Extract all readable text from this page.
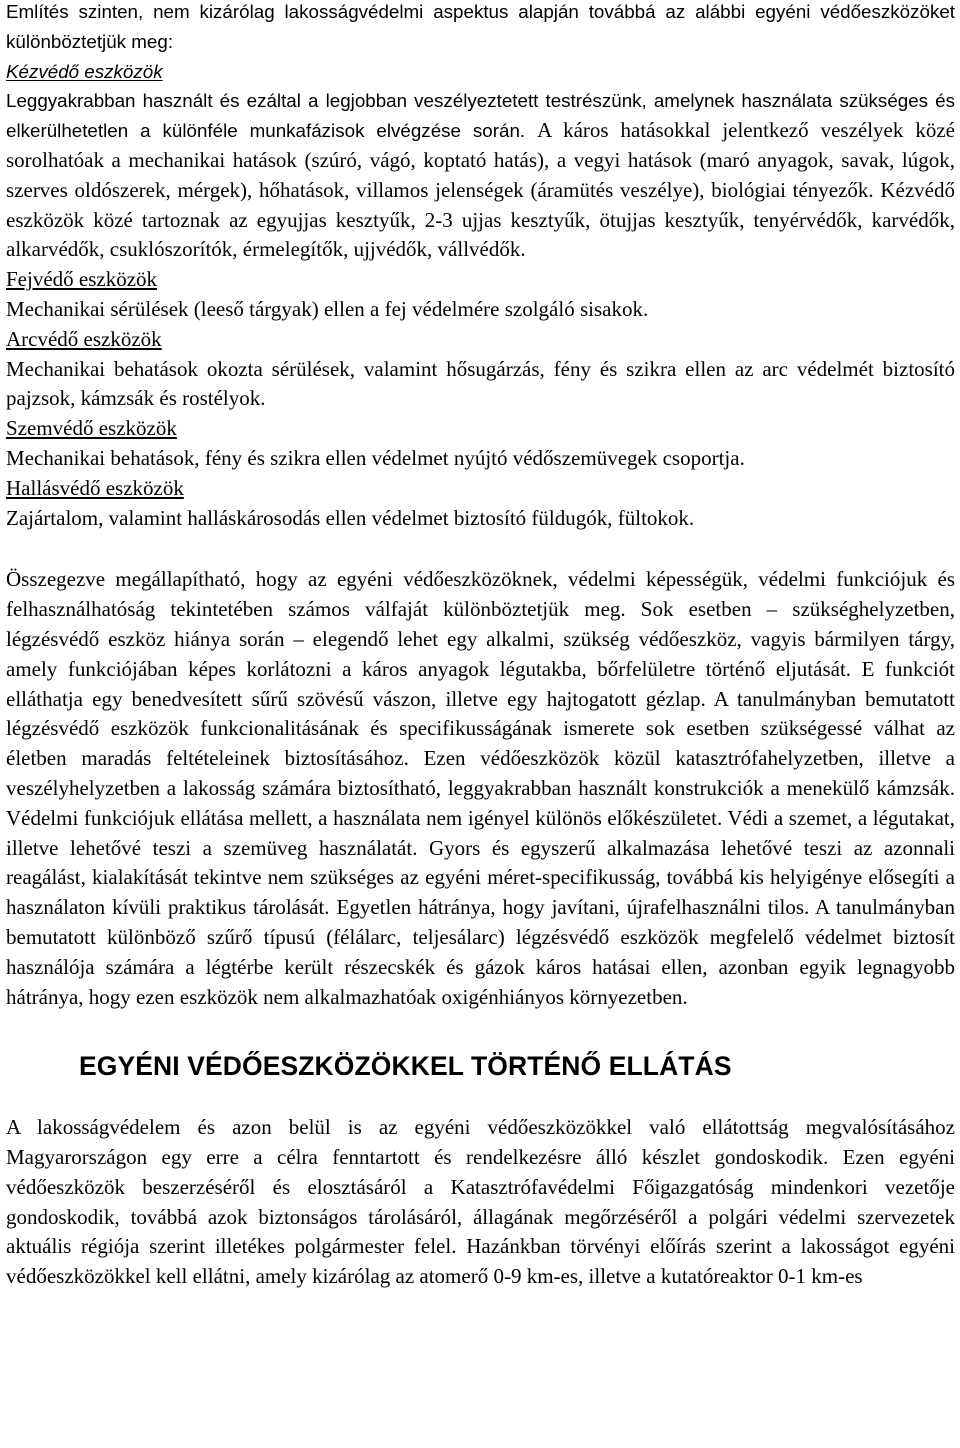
Említés szinten, nem kizárólag lakosságvédelmi aspektus alapján továbbá az alábbi egyéni védőeszközöket különböztetjük meg:
Kézvédő eszközök
Leggyakrabban használt és ezáltal a legjobban veszélyeztetett testrészünk, amelynek használata szükséges és elkerülhetetlen a különféle munkafázisok elvégzése során. A káros hatásokkal jelentkező veszélyek közé sorolhatóak a mechanikai hatások (szúró, vágó, koptató hatás), a vegyi hatások (maró anyagok, savak, lúgok, szerves oldószerek, mérgek), hőhatások, villamos jelenségek (áramütés veszélye), biológiai tényezők. Kézvédő eszközök közé tartoznak az egyujjas kesztyűk, 2-3 ujjas kesztyűk, ötujjas kesztyűk, tenyérvédők, karvédők, alkarvédők, csuklószorítók, érmelegítők, ujjvédők, vállvédők.

Fejvédő eszközök
Mechanikai sérülések (leeső tárgyak) ellen a fej védelmére szolgáló sisakok.

Arcvédő eszközök
Mechanikai behatások okozta sérülések, valamint hősugárzás, fény és szikra ellen az arc védelmét biztosító pajzsok, kámzsák és rostélyok.

Szemvédő eszközök
Mechanikai behatások, fény és szikra ellen védelmet nyújtó védőszemüvegek csoportja.

Hallásvédő eszközök
Zajártalom, valamint halláskárosodás ellen védelmet biztosító füldugók, fültokok.

Összegezve megállapítható, hogy az egyéni védőeszközöknek, védelmi képességük, védelmi funkciójuk és felhasználhatóság tekintetében számos válfaját különböztetjük meg. Sok esetben – szükséghelyzetben, légzésvédő eszköz hiánya során – elegendő lehet egy alkalmi, szükség védőeszköz, vagyis bármilyen tárgy, amely funkciójában képes korlátozni a káros anyagok légutakba, bőrfelületre történő eljutását. E funkciót elláthatja egy benedvesített sűrű szövésű vászon, illetve egy hajtogatott gézlap. A tanulmányban bemutatott légzésvédő eszközök funkcionalitásának és specifikusságának ismerete sok esetben szükségessé válhat az életben maradás feltételeinek biztosításához. Ezen védőeszközök közül katasztrófahelyzetben, illetve a veszélyhelyzetben a lakosság számára biztosítható, leggyakrabban használt konstrukciók a menekülő kámzsák. Védelmi funkciójuk ellátása mellett, a használata nem igényel különös előkészületet. Védi a szemet, a légutakat, illetve lehetővé teszi a szemüveg használatát. Gyors és egyszerű alkalmazása lehetővé teszi az azonnali reagálást, kialakítását tekintve nem szükséges az egyéni méret-specifikusság, továbbá kis helyigénye elősegíti a használaton kívüli praktikus tárolását. Egyetlen hátránya, hogy javítani, újrafelhasználni tilos. A tanulmányban bemutatott különböző szűrő típusú (félálarc, teljesálarc) légzésvédő eszközök megfelelő védelmet biztosít használója számára a légtérbe került részecskék és gázok káros hatásai ellen, azonban egyik legnagyobb hátránya, hogy ezen eszközök nem alkalmazhatóak oxigénhiányos környezetben.

EGYÉNI VÉDŐESZKÖZÖKKEL TÖRTÉNŐ ELLÁTÁS

A lakosságvédelem és azon belül is az egyéni védőeszközökkel való ellátottság megvalósításához Magyarországon egy erre a célra fenntartott és rendelkezésre álló készlet gondoskodik. Ezen egyéni védőeszközök beszerzéséről és elosztásáról a Katasztrófavédelmi Főigazgatóság mindenkori vezetője gondoskodik, továbbá azok biztonságos tárolásáról, állagának megőrzéséről a polgári védelmi szervezetek aktuális régiója szerint illetékes polgármester felel. Hazánkban törvényi előírás szerint a lakosságot egyéni védőeszközökkel kell ellátni, amely kizárólag az atomerő 0-9 km-es, illetve a kutatóreaktor 0-1 km-es
